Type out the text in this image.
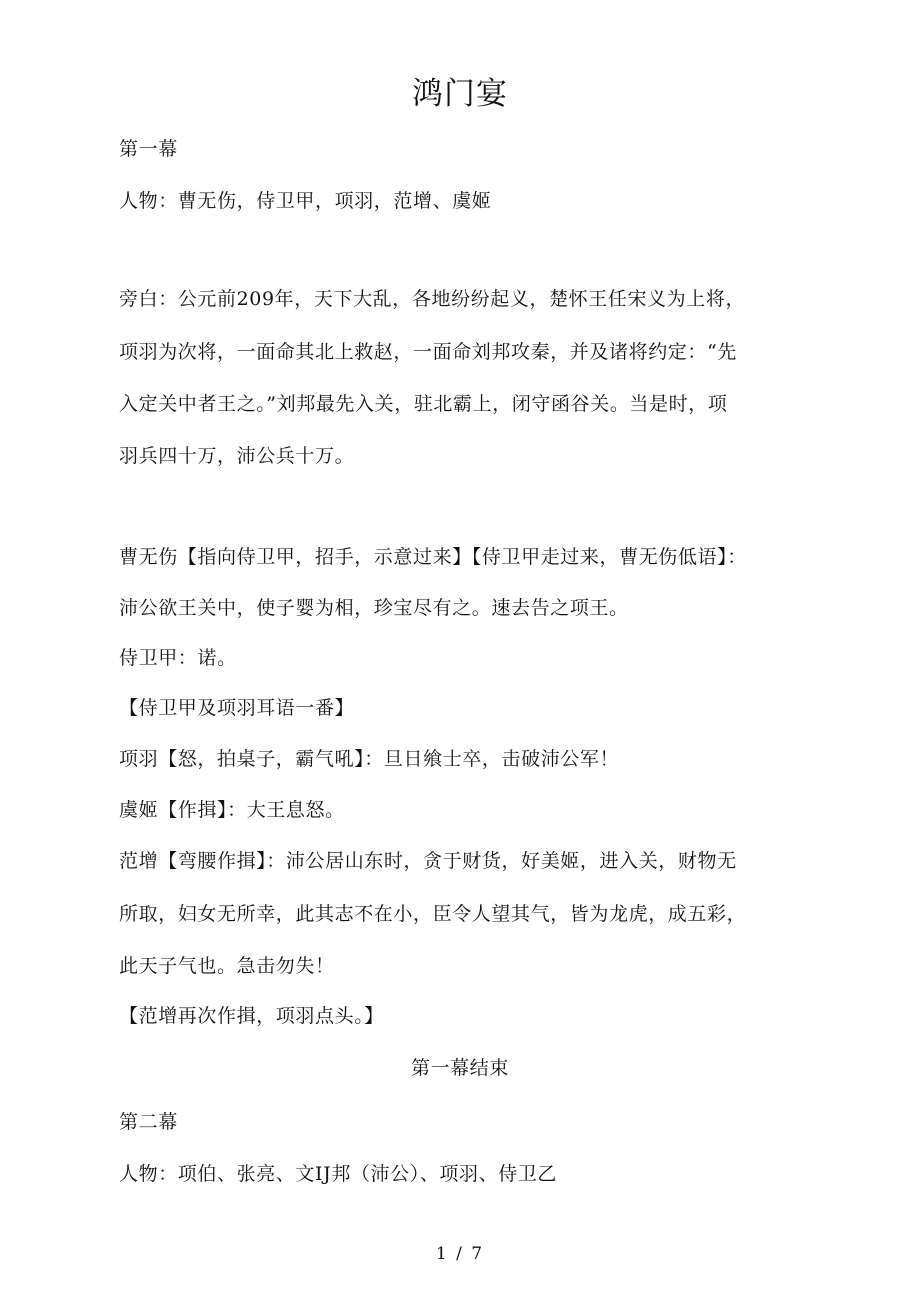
鸿门宴
第一幕
人物：曹无伤，侍卫甲，项羽，范增、虞姬
旁白：公元前209年，天下大乱，各地纷纷起义，楚怀王任宋义为上将，
项羽为次将，一面命其北上救赵，一面命刘邦攻秦，并及诸将约定：“先
入定关中者王之。”刘邦最先入关，驻北霸上，闭守函谷关。当是时，项
羽兵四十万，沛公兵十万。
曹无伤【指向侍卫甲，招手，示意过来】【侍卫甲走过来，曹无伤低语】：
沛公欲王关中，使子婴为相，珍宝尽有之。速去告之项王。
侍卫甲：诺。
【侍卫甲及项羽耳语一番】
项羽【怒，拍桌子，霸气吼】：旦日飨士卒，击破沛公军！
虞姬【作揖】：大王息怒。
范增【弯腰作揖】：沛公居山东时，贪于财货，好美姬，进入关，财物无
所取，妇女无所幸，此其志不在小，臣令人望其气，皆为龙虎，成五彩，
此天子气也。急击勿失！
【范增再次作揖，项羽点头。】
第一幕结束
第二幕
人物：项伯、张亮、文IJ邦（沛公）、项羽、侍卫乙
1 / 7
